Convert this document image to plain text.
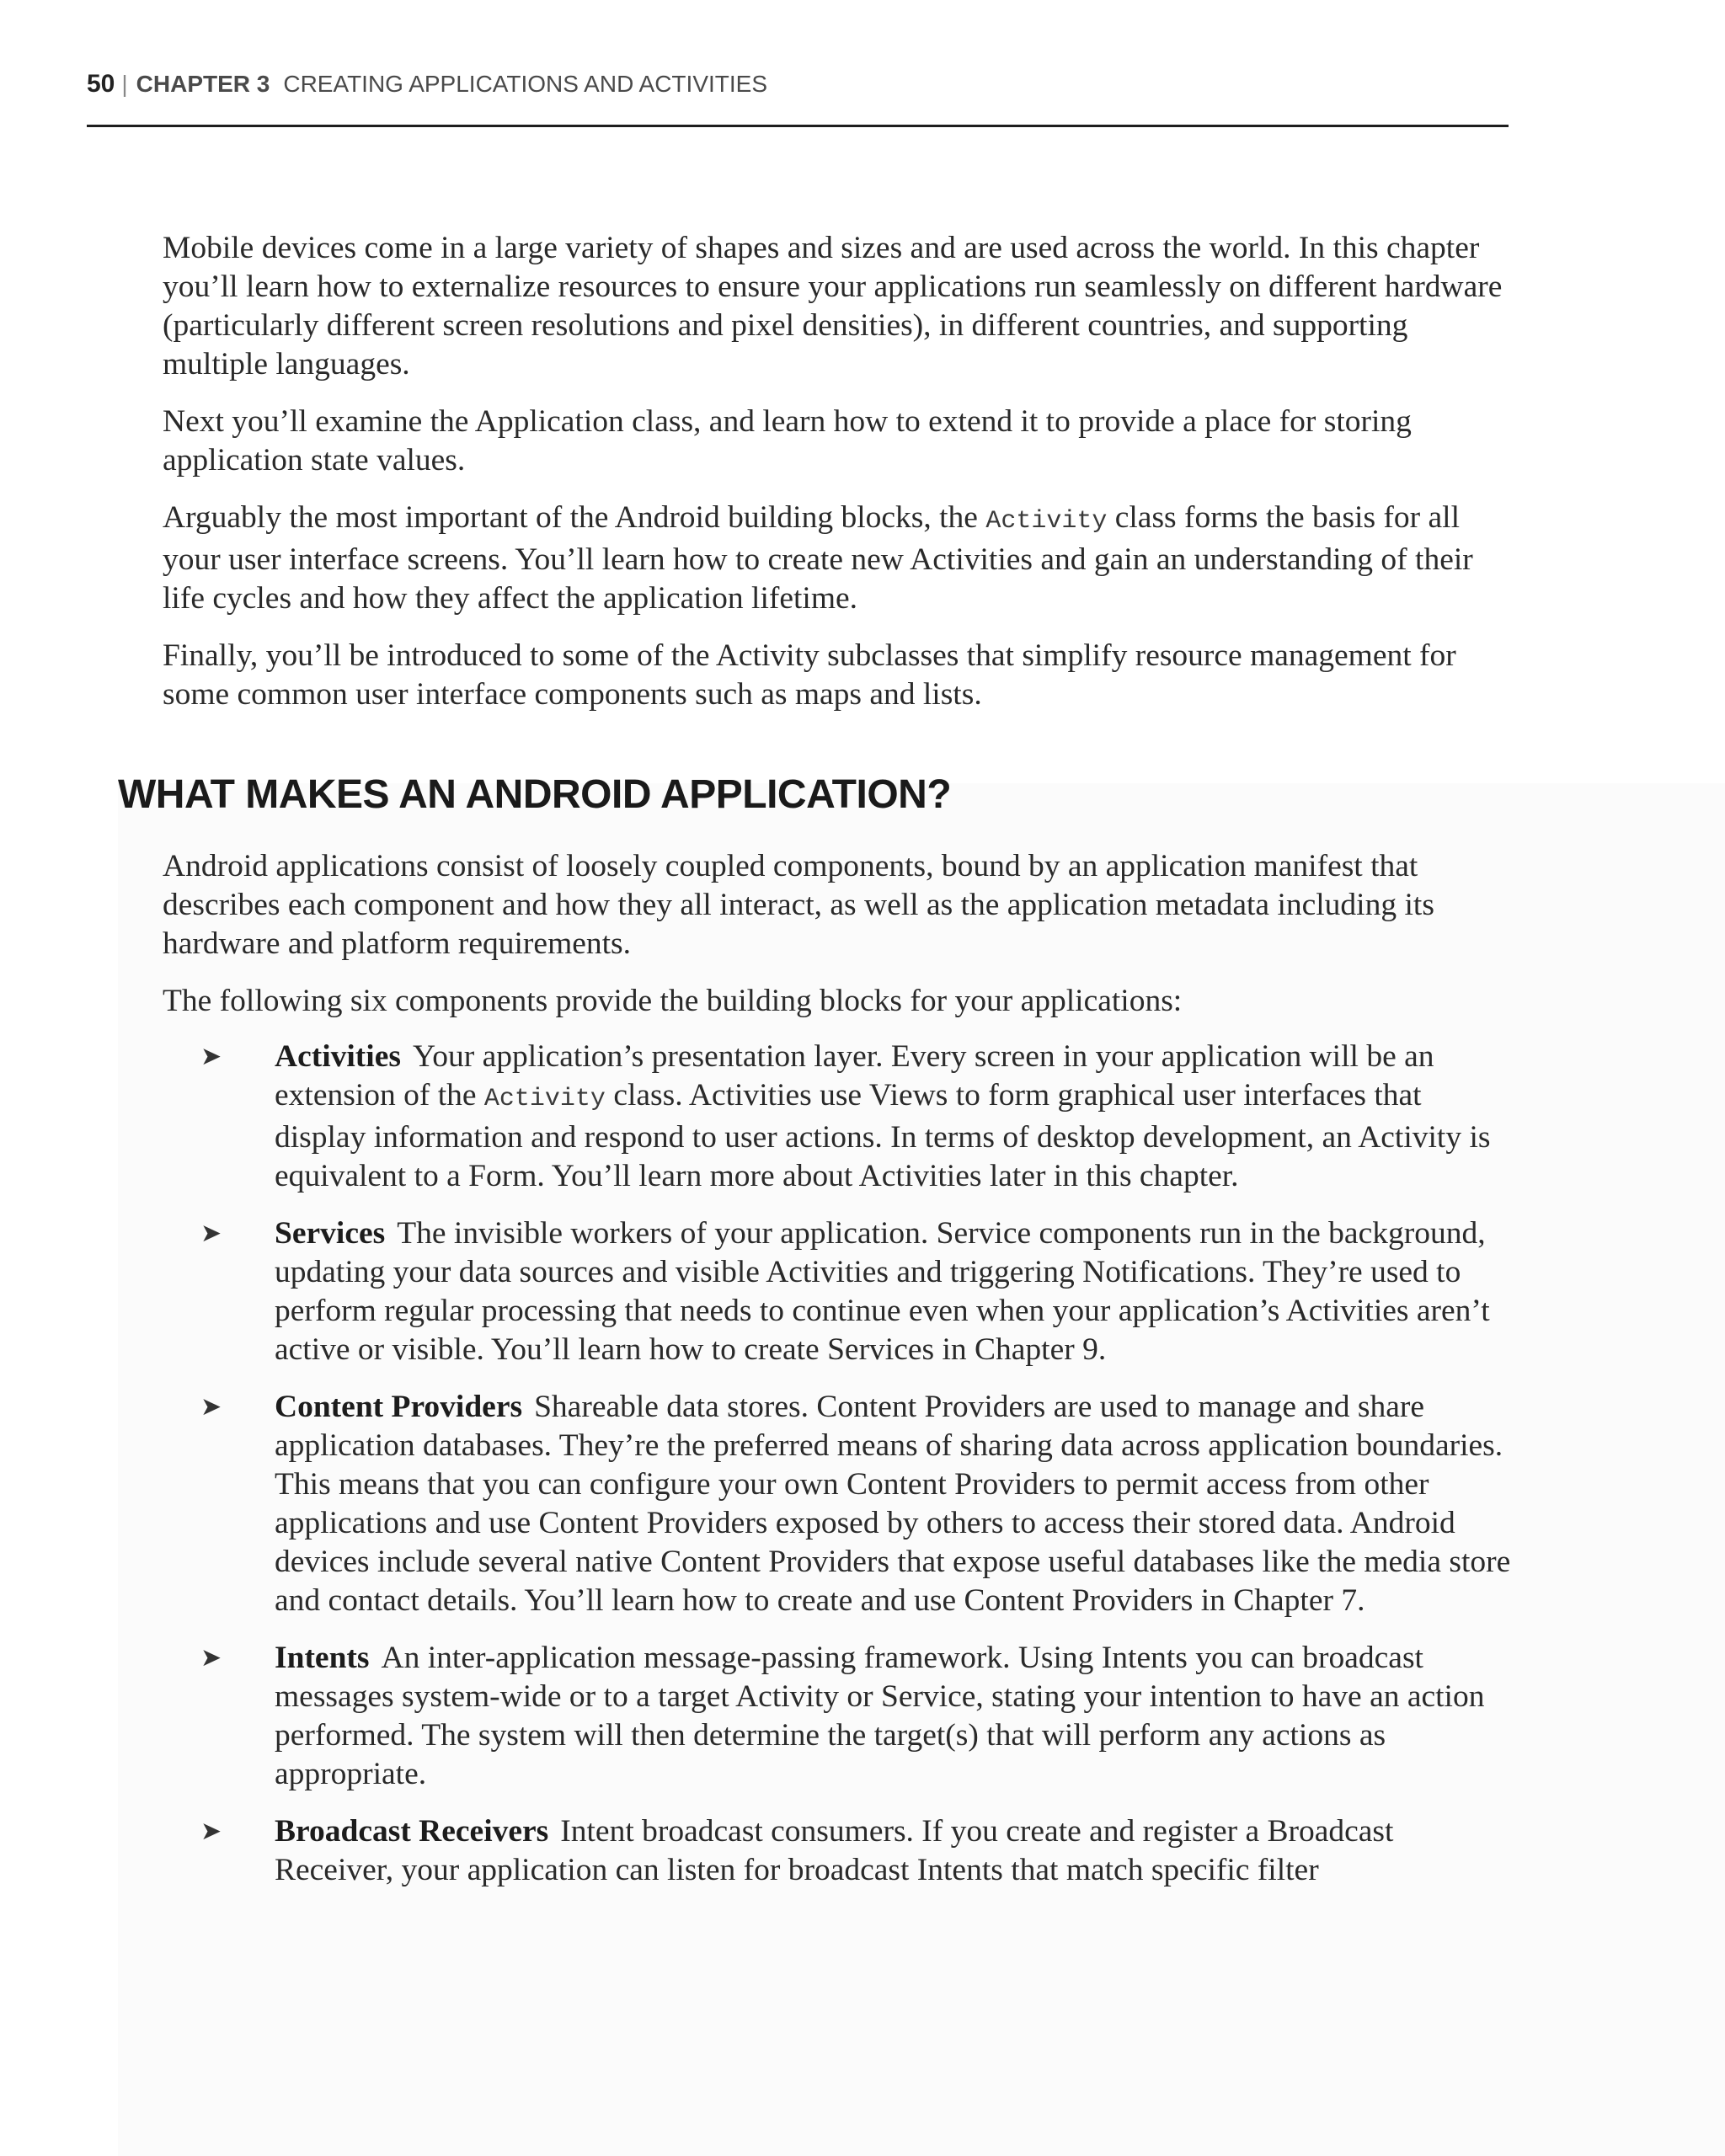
50 | CHAPTER 3 CREATING APPLICATIONS AND ACTIVITIES

Mobile devices come in a large variety of shapes and sizes and are used across the world. In this chapter you’ll learn how to externalize resources to ensure your applications run seamlessly on different hardware (particularly different screen resolutions and pixel densities), in different countries, and supporting multiple languages.

Next you’ll examine the Application class, and learn how to extend it to provide a place for storing application state values.

Arguably the most important of the Android building blocks, the Activity class forms the basis for all your user interface screens. You’ll learn how to create new Activities and gain an understanding of their life cycles and how they affect the application lifetime.

Finally, you’ll be introduced to some of the Activity subclasses that simplify resource management for some common user interface components such as maps and lists.

WHAT MAKES AN ANDROID APPLICATION?

Android applications consist of loosely coupled components, bound by an application manifest that describes each component and how they all interact, as well as the application metadata including its hardware and platform requirements.

The following six components provide the building blocks for your applications:

➤	Activities Your application’s presentation layer. Every screen in your application will be an extension of the Activity class. Activities use Views to form graphical user interfaces that display information and respond to user actions. In terms of desktop development, an Activity is equivalent to a Form. You’ll learn more about Activities later in this chapter.
➤	Services The invisible workers of your application. Service components run in the background, updating your data sources and visible Activities and triggering Notifications. They’re used to perform regular processing that needs to continue even when your application’s Activities aren’t active or visible. You’ll learn how to create Services in Chapter 9.
➤	Content Providers Shareable data stores. Content Providers are used to manage and share application databases. They’re the preferred means of sharing data across application boundaries. This means that you can configure your own Content Providers to permit access from other applications and use Content Providers exposed by others to access their stored data. Android devices include several native Content Providers that expose useful databases like the media store and contact details. You’ll learn how to create and use Content Providers in Chapter 7.
➤	Intents An inter-application message-passing framework. Using Intents you can broadcast messages system-wide or to a target Activity or Service, stating your intention to have an action performed. The system will then determine the target(s) that will perform any actions as appropriate.
➤	Broadcast Receivers Intent broadcast consumers. If you create and register a Broadcast Receiver, your application can listen for broadcast Intents that match specific filter
